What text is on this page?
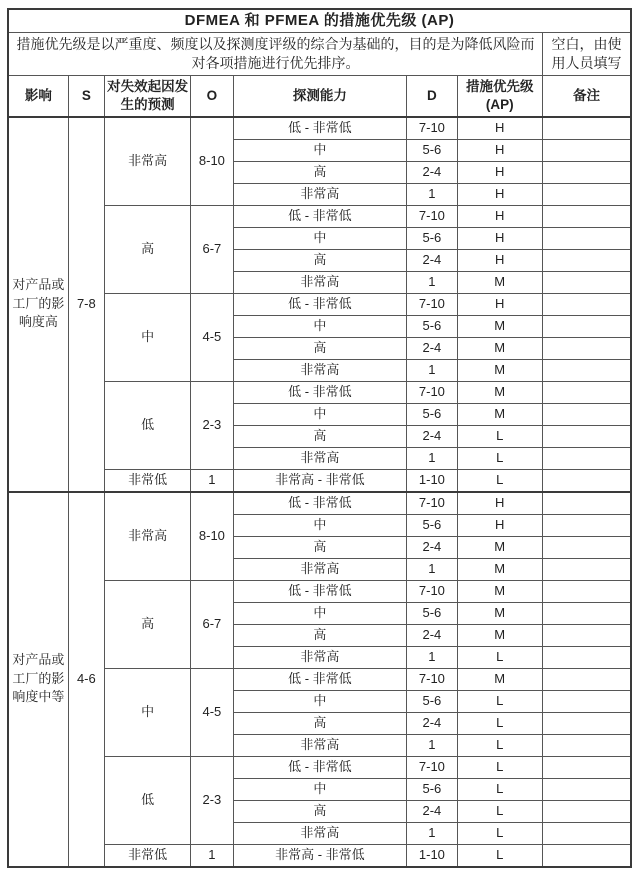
DFMEA 和 PFMEA 的措施优先级 (AP)							
措施优先级是以严重度、频度以及探测度评级的综合为基础的，目的是为降低风险而对各项措施进行优先排序。							空白，由使用人员填写
影响	S	对失效起因发生的预测	O	探测能力	D	措施优先级 (AP)	备注
对产品或工厂的影响度高	7-8	非常高	8-10	低 - 非常低	7-10	H	
				中	5-6	H	
				高	2-4	H	
				非常高	1	H	
		高	6-7	低 - 非常低	7-10	H	
				中	5-6	H	
				高	2-4	H	
				非常高	1	M	
		中	4-5	低 - 非常低	7-10	H	
				中	5-6	M	
				高	2-4	M	
				非常高	1	M	
		低	2-3	低 - 非常低	7-10	M	
				中	5-6	M	
				高	2-4	L	
				非常高	1	L	
		非常低	1	非常高 - 非常低	1-10	L	
对产品或工厂的影响度中等	4-6	非常高	8-10	低 - 非常低	7-10	H	
				中	5-6	H	
				高	2-4	M	
				非常高	1	M	
		高	6-7	低 - 非常低	7-10	M	
				中	5-6	M	
				高	2-4	M	
				非常高	1	L	
		中	4-5	低 - 非常低	7-10	M	
				中	5-6	L	
				高	2-4	L	
				非常高	1	L	
		低	2-3	低 - 非常低	7-10	L	
				中	5-6	L	
				高	2-4	L	
				非常高	1	L	
		非常低	1	非常高 - 非常低	1-10	L	
